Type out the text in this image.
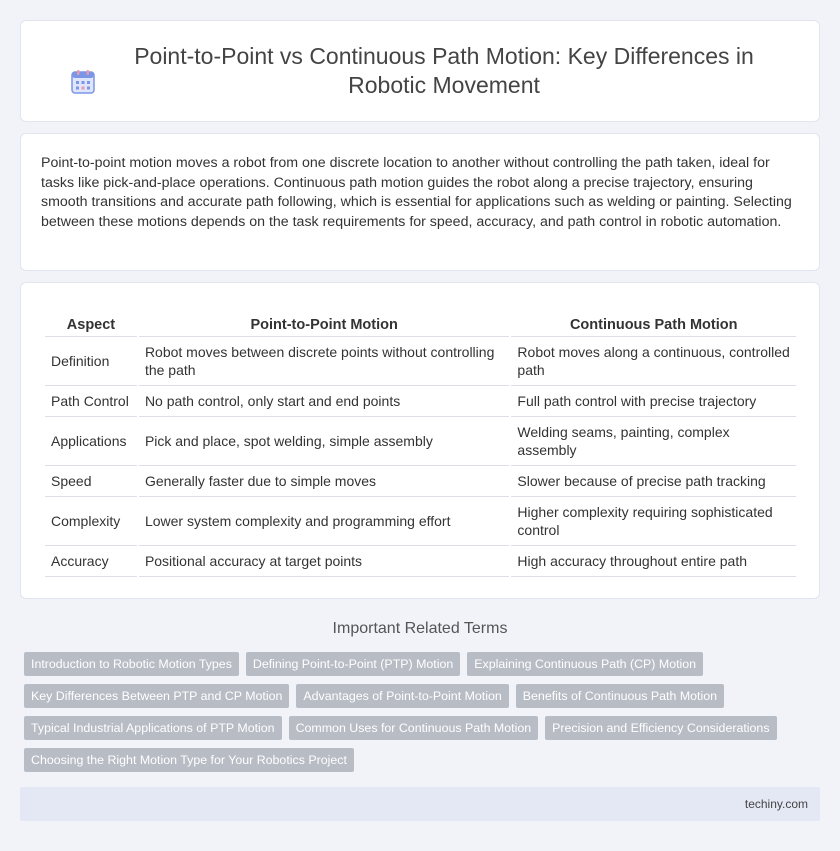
Point-to-Point vs Continuous Path Motion: Key Differences in Robotic Movement

Point-to-point motion moves a robot from one discrete location to another without controlling the path taken, ideal for tasks like pick-and-place operations. Continuous path motion guides the robot along a precise trajectory, ensuring smooth transitions and accurate path following, which is essential for applications such as welding or painting. Selecting between these motions depends on the task requirements for speed, accuracy, and path control in robotic automation.

Aspect	Point-to-Point Motion	Continuous Path Motion
Definition	Robot moves between discrete points without controlling the path	Robot moves along a continuous, controlled path
Path Control	No path control, only start and end points	Full path control with precise trajectory
Applications	Pick and place, spot welding, simple assembly	Welding seams, painting, complex assembly
Speed	Generally faster due to simple moves	Slower because of precise path tracking
Complexity	Lower system complexity and programming effort	Higher complexity requiring sophisticated control
Accuracy	Positional accuracy at target points	High accuracy throughout entire path
Important Related Terms
Introduction to Robotic Motion Types	Defining Point-to-Point (PTP) Motion	Explaining Continuous Path (CP) Motion
Key Differences Between PTP and CP Motion	Advantages of Point-to-Point Motion	Benefits of Continuous Path Motion
Typical Industrial Applications of PTP Motion	Common Uses for Continuous Path Motion	Precision and Efficiency Considerations
Choosing the Right Motion Type for Your Robotics Project
techiny.com
